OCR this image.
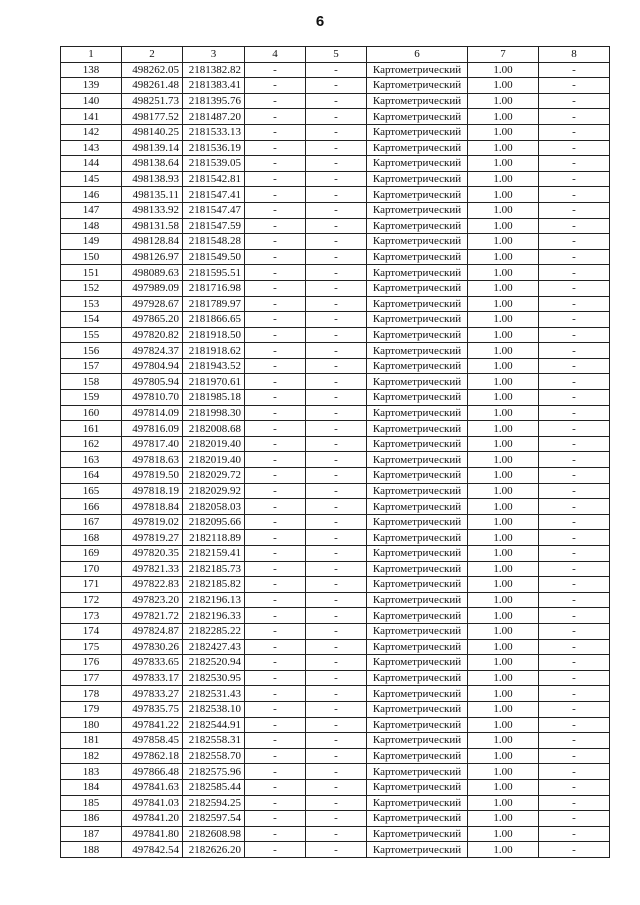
6
1	2	3	4	5	6	7	8
138	498262.05	2181382.82	-	-	Картометрический	1.00	-
139	498261.48	2181383.41	-	-	Картометрический	1.00	-
140	498251.73	2181395.76	-	-	Картометрический	1.00	-
141	498177.52	2181487.20	-	-	Картометрический	1.00	-
142	498140.25	2181533.13	-	-	Картометрический	1.00	-
143	498139.14	2181536.19	-	-	Картометрический	1.00	-
144	498138.64	2181539.05	-	-	Картометрический	1.00	-
145	498138.93	2181542.81	-	-	Картометрический	1.00	-
146	498135.11	2181547.41	-	-	Картометрический	1.00	-
147	498133.92	2181547.47	-	-	Картометрический	1.00	-
148	498131.58	2181547.59	-	-	Картометрический	1.00	-
149	498128.84	2181548.28	-	-	Картометрический	1.00	-
150	498126.97	2181549.50	-	-	Картометрический	1.00	-
151	498089.63	2181595.51	-	-	Картометрический	1.00	-
152	497989.09	2181716.98	-	-	Картометрический	1.00	-
153	497928.67	2181789.97	-	-	Картометрический	1.00	-
154	497865.20	2181866.65	-	-	Картометрический	1.00	-
155	497820.82	2181918.50	-	-	Картометрический	1.00	-
156	497824.37	2181918.62	-	-	Картометрический	1.00	-
157	497804.94	2181943.52	-	-	Картометрический	1.00	-
158	497805.94	2181970.61	-	-	Картометрический	1.00	-
159	497810.70	2181985.18	-	-	Картометрический	1.00	-
160	497814.09	2181998.30	-	-	Картометрический	1.00	-
161	497816.09	2182008.68	-	-	Картометрический	1.00	-
162	497817.40	2182019.40	-	-	Картометрический	1.00	-
163	497818.63	2182019.40	-	-	Картометрический	1.00	-
164	497819.50	2182029.72	-	-	Картометрический	1.00	-
165	497818.19	2182029.92	-	-	Картометрический	1.00	-
166	497818.84	2182058.03	-	-	Картометрический	1.00	-
167	497819.02	2182095.66	-	-	Картометрический	1.00	-
168	497819.27	2182118.89	-	-	Картометрический	1.00	-
169	497820.35	2182159.41	-	-	Картометрический	1.00	-
170	497821.33	2182185.73	-	-	Картометрический	1.00	-
171	497822.83	2182185.82	-	-	Картометрический	1.00	-
172	497823.20	2182196.13	-	-	Картометрический	1.00	-
173	497821.72	2182196.33	-	-	Картометрический	1.00	-
174	497824.87	2182285.22	-	-	Картометрический	1.00	-
175	497830.26	2182427.43	-	-	Картометрический	1.00	-
176	497833.65	2182520.94	-	-	Картометрический	1.00	-
177	497833.17	2182530.95	-	-	Картометрический	1.00	-
178	497833.27	2182531.43	-	-	Картометрический	1.00	-
179	497835.75	2182538.10	-	-	Картометрический	1.00	-
180	497841.22	2182544.91	-	-	Картометрический	1.00	-
181	497858.45	2182558.31	-	-	Картометрический	1.00	-
182	497862.18	2182558.70	-	-	Картометрический	1.00	-
183	497866.48	2182575.96	-	-	Картометрический	1.00	-
184	497841.63	2182585.44	-	-	Картометрический	1.00	-
185	497841.03	2182594.25	-	-	Картометрический	1.00	-
186	497841.20	2182597.54	-	-	Картометрический	1.00	-
187	497841.80	2182608.98	-	-	Картометрический	1.00	-
188	497842.54	2182626.20	-	-	Картометрический	1.00	-
